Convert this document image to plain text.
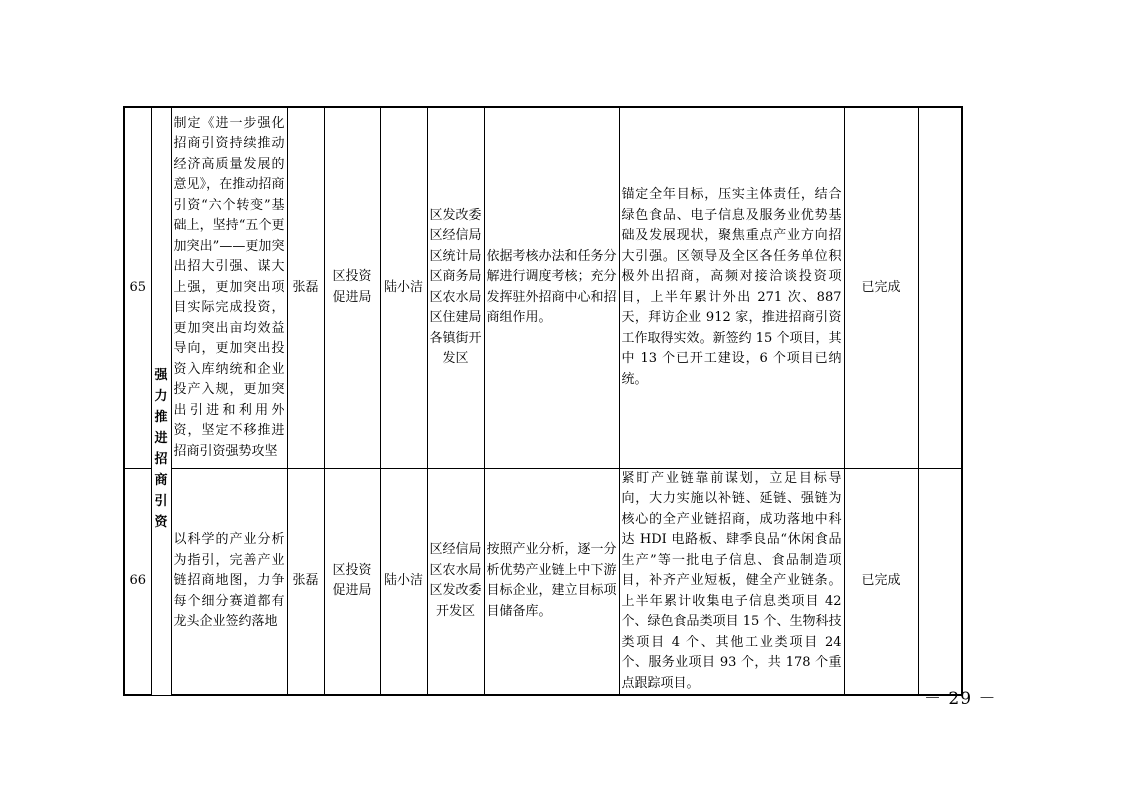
65	强力推进招商引资	制定《进一步强化招商引资持续推动经济高质量发展的意见》，在推动招商引资“六个转变”基础上，坚持“五个更加突出”——更加突出招大引强、谋大上强，更加突出项目实际完成投资，更加突出亩均效益导向，更加突出投资入库纳统和企业投产入规，更加突出引进和利用外资，坚定不移推进招商引资强势攻坚	张磊	区投资促进局	陆小洁	区发改委区经信局区统计局区商务局区农水局区住建局各镇街开发区	依据考核办法和任务分解进行调度考核；充分发挥驻外招商中心和招商组作用。	锚定全年目标，压实主体责任，结合绿色食品、电子信息及服务业优势基础及发展现状，聚焦重点产业方向招大引强。区领导及全区各任务单位积极外出招商，高频对接洽谈投资项目，上半年累计外出 271 次、887 天，拜访企业 912 家，推进招商引资工作取得实效。新签约 15 个项目，其中 13 个已开工建设，6 个项目已纳统。	已完成	
66		以科学的产业分析为指引，完善产业链招商地图，力争每个细分赛道都有龙头企业签约落地	张磊	区投资促进局	陆小洁	区经信局区农水局区发改委开发区	按照产业分析，逐一分析优势产业链上中下游目标企业，建立目标项目储备库。	紧盯产业链靠前谋划，立足目标导向，大力实施以补链、延链、强链为核心的全产业链招商，成功落地中科达 HDI 电路板、肆季良品“休闲食品生产”等一批电子信息、食品制造项目，补齐产业短板，健全产业链条。上半年累计收集电子信息类项目 42 个、绿色食品类项目 15 个、生物科技类项目 4 个、其他工业类项目 24 个、服务业项目 93 个，共 178 个重点跟踪项目。	已完成	
－ 29 －
